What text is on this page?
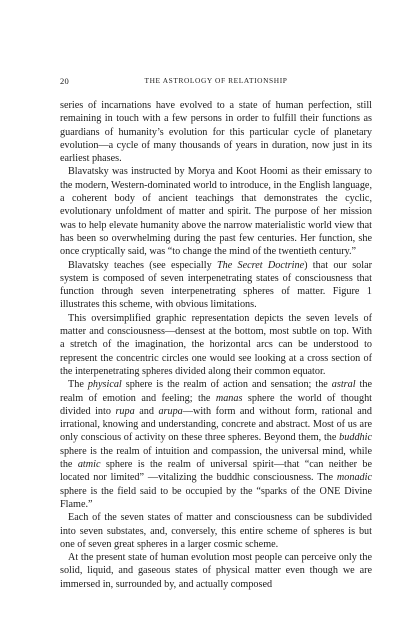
20	THE ASTROLOGY OF RELATIONSHIP

series of incarnations have evolved to a state of human perfection, still remaining in touch with a few persons in order to fulfill their functions as guardians of humanity’s evolution for this particular cycle of planetary evolution—a cycle of many thousands of years in duration, now just in its earliest phases.

Blavatsky was instructed by Morya and Koot Hoomi as their emissary to the modern, Western-dominated world to introduce, in the English language, a coherent body of ancient teachings that demonstrates the cyclic, evolutionary unfoldment of matter and spirit. The purpose of her mission was to help elevate humanity above the narrow materialistic world view that has been so overwhelming during the past few centuries. Her function, she once cryptically said, was “to change the mind of the twentieth century.”

Blavatsky teaches (see especially The Secret Doctrine) that our solar system is composed of seven interpenetrating states of consciousness that function through seven interpenetrating spheres of matter. Figure 1 illustrates this scheme, with obvious limitations.

This oversimplified graphic representation depicts the seven levels of matter and consciousness—densest at the bottom, most subtle on top. With a stretch of the imagination, the horizontal arcs can be understood to represent the concentric circles one would see looking at a cross section of the interpenetrating spheres divided along their common equator.

The physical sphere is the realm of action and sensation; the astral the realm of emotion and feeling; the manas sphere the world of thought divided into rupa and arupa—with form and without form, rational and irrational, knowing and understanding, concrete and abstract. Most of us are only conscious of activity on these three spheres. Beyond them, the buddhic sphere is the realm of intuition and compassion, the universal mind, while the atmic sphere is the realm of universal spirit—that “can neither be located nor limited” —vitalizing the buddhic consciousness. The monadic sphere is the field said to be occupied by the “sparks of the ONE Divine Flame.”

Each of the seven states of matter and consciousness can be subdivided into seven substates, and, conversely, this entire scheme of spheres is but one of seven great spheres in a larger cosmic scheme.

At the present state of human evolution most people can perceive only the solid, liquid, and gaseous states of physical matter even though we are immersed in, surrounded by, and actually composed
